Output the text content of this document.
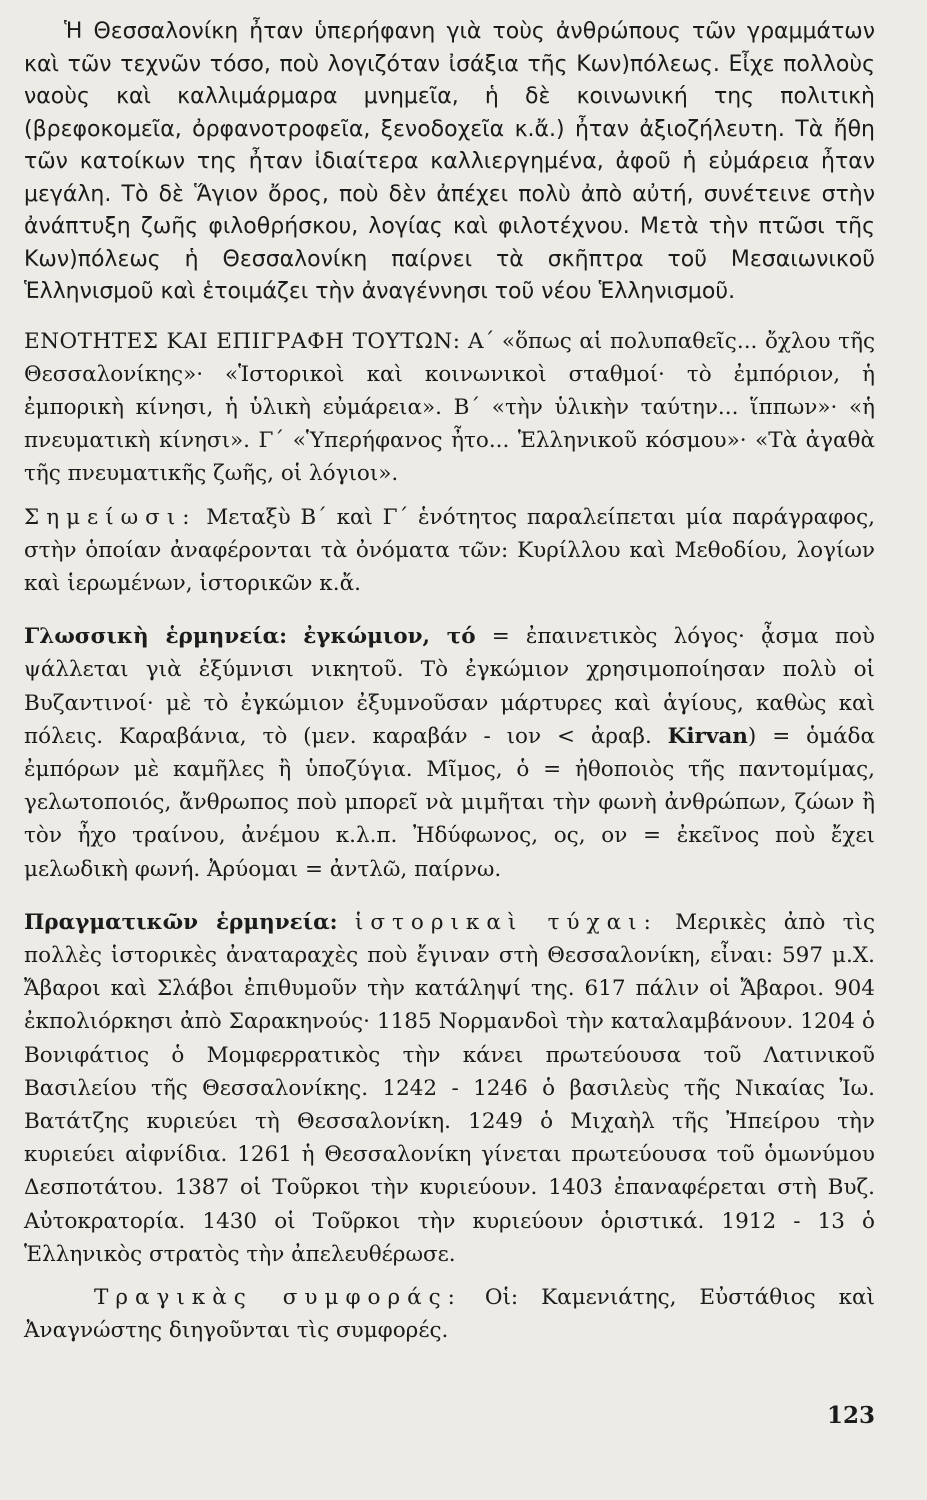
Ἡ Θεσσαλονίκη ἦταν ὑπερήφανη γιὰ τοὺς ἀνθρώπους τῶν γραμμάτων καὶ τῶν τεχνῶν τόσο, ποὺ λογιζόταν ἰσάξια τῆς Κων)πόλεως. Εἶχε πολλοὺς ναοὺς καὶ καλλιμάρμαρα μνημεῖα, ἡ δὲ κοινωνική της πολιτικὴ (βρεφοκομεῖα, ὀρφανοτροφεῖα, ξενοδοχεῖα κ.ἄ.) ἦταν ἀξιοζήλευτη. Τὰ ἤθη τῶν κατοίκων της ἦταν ἰδιαίτερα καλλιεργημένα, ἀφοῦ ἡ εὐμάρεια ἦταν μεγάλη. Τὸ δὲ Ἅγιον ὄρος, ποὺ δὲν ἀπέχει πολὺ ἀπὸ αὐτή, συνέτεινε στὴν ἀνάπτυξη ζωῆς φιλοθρήσκου, λογίας καὶ φιλοτέχνου. Μετὰ τὴν πτῶσι τῆς Κων)πόλεως ἡ Θεσσαλονίκη παίρνει τὰ σκῆπτρα τοῦ Μεσαιωνικοῦ Ἑλληνισμοῦ καὶ ἑτοιμάζει τὴν ἀναγέννησι τοῦ νέου Ἑλληνισμοῦ.

ΕΝΟΤΗΤΕΣ ΚΑΙ ΕΠΙΓΡΑΦΗ ΤΟΥΤΩΝ: Α΄ «ὅπως αἱ πολυπαθεῖς... ὄχλου τῆς Θεσσαλονίκης»· «Ἱστορικοὶ καὶ κοινωνικοὶ σταθμοί· τὸ ἐμπόριον, ἡ ἐμπορικὴ κίνησι, ἡ ὑλικὴ εὐμάρεια». Β΄ «τὴν ὑλικὴν ταύτην... ἵππων»· «ἡ πνευματικὴ κίνησι». Γ΄ «Ὑπερήφανος ἦτο... Ἑλληνικοῦ κόσμου»· «Τὰ ἀγαθὰ τῆς πνευματικῆς ζωῆς, οἱ λόγιοι».

Σημείωσι: Μεταξὺ Β΄ καὶ Γ΄ ἑνότητος παραλείπεται μία παράγραφος, στὴν ὁποίαν ἀναφέρονται τὰ ὀνόματα τῶν: Κυρίλλου καὶ Μεθοδίου, λογίων καὶ ἱερωμένων, ἱστορικῶν κ.ἄ.

Γλωσσικὴ ἑρμηνεία: ἐγκώμιον, τό = ἐπαινετικὸς λόγος· ᾆσμα ποὺ ψάλλεται γιὰ ἐξύμνισι νικητοῦ. Τὸ ἐγκώμιον χρησιμοποίησαν πολὺ οἱ Βυζαντινοί· μὲ τὸ ἐγκώμιον ἐξυμνοῦσαν μάρτυρες καὶ ἁγίους, καθὼς καὶ πόλεις. Καραβάνια, τὸ (μεν. καραβάν - ιον < ἀραβ. Kirvan) = ὁμάδα ἐμπόρων μὲ καμῆλες ἢ ὑποζύγια. Μῖμος, ὁ = ἠθοποιὸς τῆς παντομίμας, γελωτοποιός, ἄνθρωπος ποὺ μπορεῖ νὰ μιμῆται τὴν φωνὴ ἀνθρώπων, ζώων ἢ τὸν ἦχο τραίνου, ἀνέμου κ.λ.π. Ἠδύφωνος, ος, ον = ἐκεῖνος ποὺ ἔχει μελωδικὴ φωνή. Ἀρύομαι = ἀντλῶ, παίρνω.

Πραγματικῶν ἑρμηνεία: ἱστορικαὶ τύχαι: Μερικὲς ἀπὸ τὶς πολλὲς ἱστορικὲς ἀναταραχὲς ποὺ ἔγιναν στὴ Θεσσαλονίκη, εἶναι: 597 μ.Χ. Ἄβαροι καὶ Σλάβοι ἐπιθυμοῦν τὴν κατάληψί της. 617 πάλιν οἱ Ἄβαροι. 904 ἐκπολιόρκησι ἀπὸ Σαρακηνούς· 1185 Νορμανδοὶ τὴν καταλαμβάνουν. 1204 ὁ Βονιφάτιος ὁ Μομφερρατικὸς τὴν κάνει πρωτεύουσα τοῦ Λατινικοῦ Βασιλείου τῆς Θεσσαλονίκης. 1242 - 1246 ὁ βασιλεὺς τῆς Νικαίας Ἰω. Βατάτζης κυριεύει τὴ Θεσσαλονίκη. 1249 ὁ Μιχαὴλ τῆς Ἠπείρου τὴν κυριεύει αἰφνίδια. 1261 ἡ Θεσσαλονίκη γίνεται πρωτεύουσα τοῦ ὁμωνύμου Δεσποτάτου. 1387 οἱ Τοῦρκοι τὴν κυριεύουν. 1403 ἐπαναφέρεται στὴ Βυζ. Αὐτοκρατορία. 1430 οἱ Τοῦρκοι τὴν κυριεύουν ὁριστικά. 1912 - 13 ὁ Ἑλληνικὸς στρατὸς τὴν ἀπελευθέρωσε.

Τραγικὰς συμφοράς: Οἱ: Καμενιάτης, Εὐστάθιος καὶ Ἀναγνώστης διηγοῦνται τὶς συμφορές.

123
